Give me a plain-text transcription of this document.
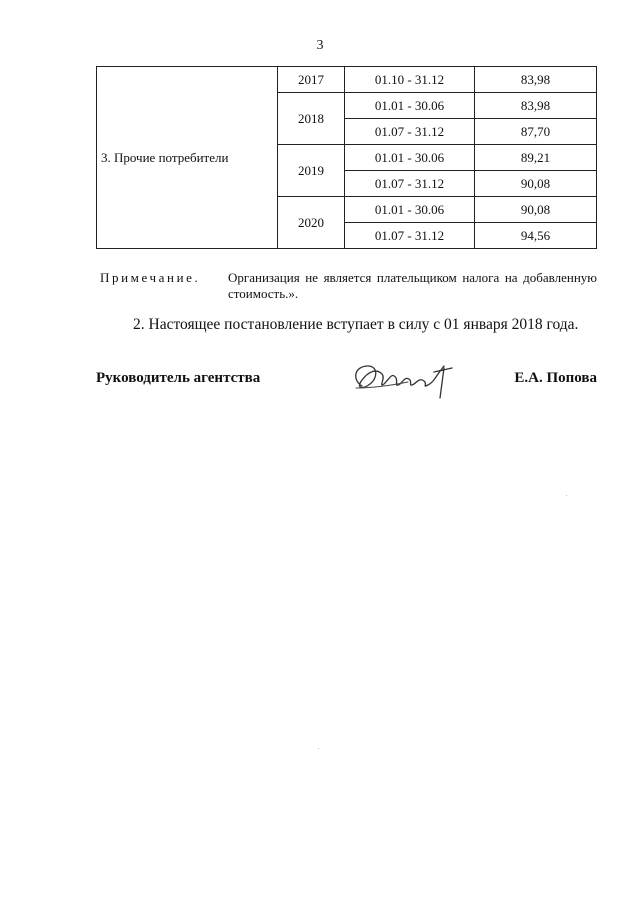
3
3. Прочие потребители	2017	01.10 - 31.12	83,98
	2018	01.01 - 30.06	83,98
		01.07 - 31.12	87,70
	2019	01.01 - 30.06	89,21
		01.07 - 31.12	90,08
	2020	01.01 - 30.06	90,08
		01.07 - 31.12	94,56
Примечание. Организация не является плательщиком налога на добавленную стоимость.».
2. Настоящее постановление вступает в силу с 01 января 2018 года.
Руководитель агентства	Е.А. Попова
